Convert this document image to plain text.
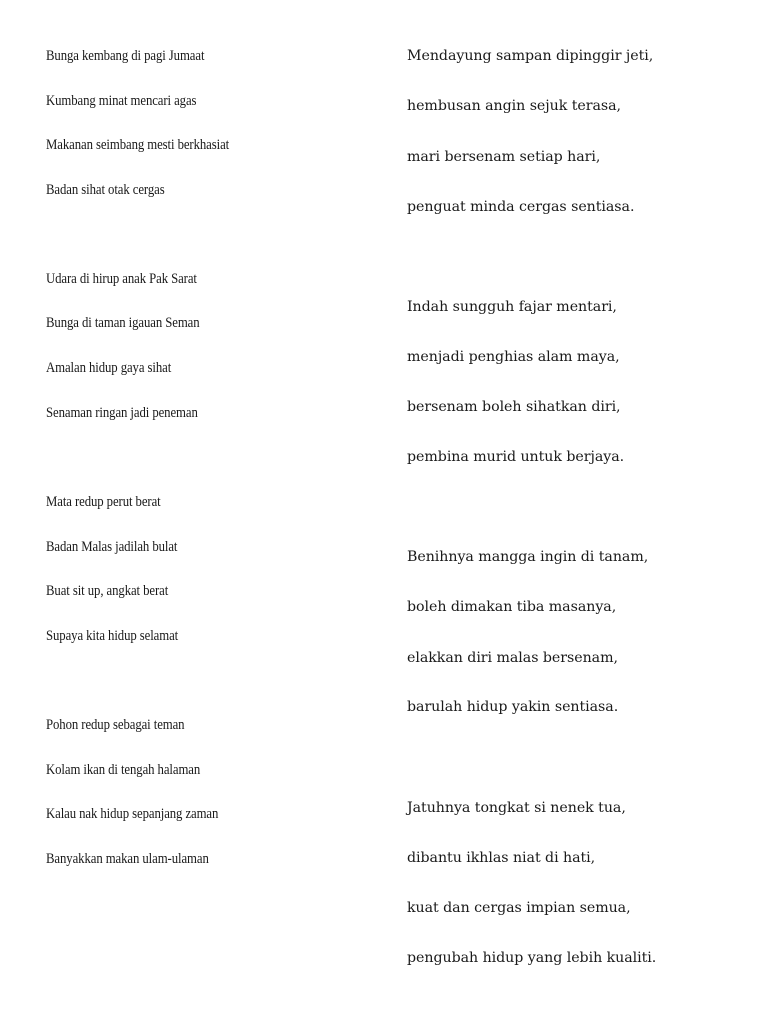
Bunga kembang di pagi Jumaat
Kumbang minat mencari agas
Makanan seimbang mesti berkhasiat
Badan sihat otak cergas
Udara di hirup anak Pak Sarat
Bunga di taman igauan Seman
Amalan hidup gaya sihat
Senaman ringan jadi peneman
Mata redup perut berat
Badan Malas jadilah bulat
Buat sit up, angkat berat
Supaya kita hidup selamat
Pohon redup sebagai teman
Kolam ikan di tengah halaman
Kalau nak hidup sepanjang zaman
Banyakkan makan ulam-ulaman
Mendayung sampan dipinggir jeti,
hembusan angin sejuk terasa,
mari bersenam setiap hari,
penguat minda cergas sentiasa.
Indah sungguh fajar mentari,
menjadi penghias alam maya,
bersenam boleh sihatkan diri,
pembina murid untuk berjaya.
Benihnya mangga ingin di tanam,
boleh dimakan tiba masanya,
elakkan diri malas bersenam,
barulah hidup yakin sentiasa.
Jatuhnya tongkat si nenek tua,
dibantu ikhlas niat di hati,
kuat dan cergas impian semua,
pengubah hidup yang lebih kualiti.
